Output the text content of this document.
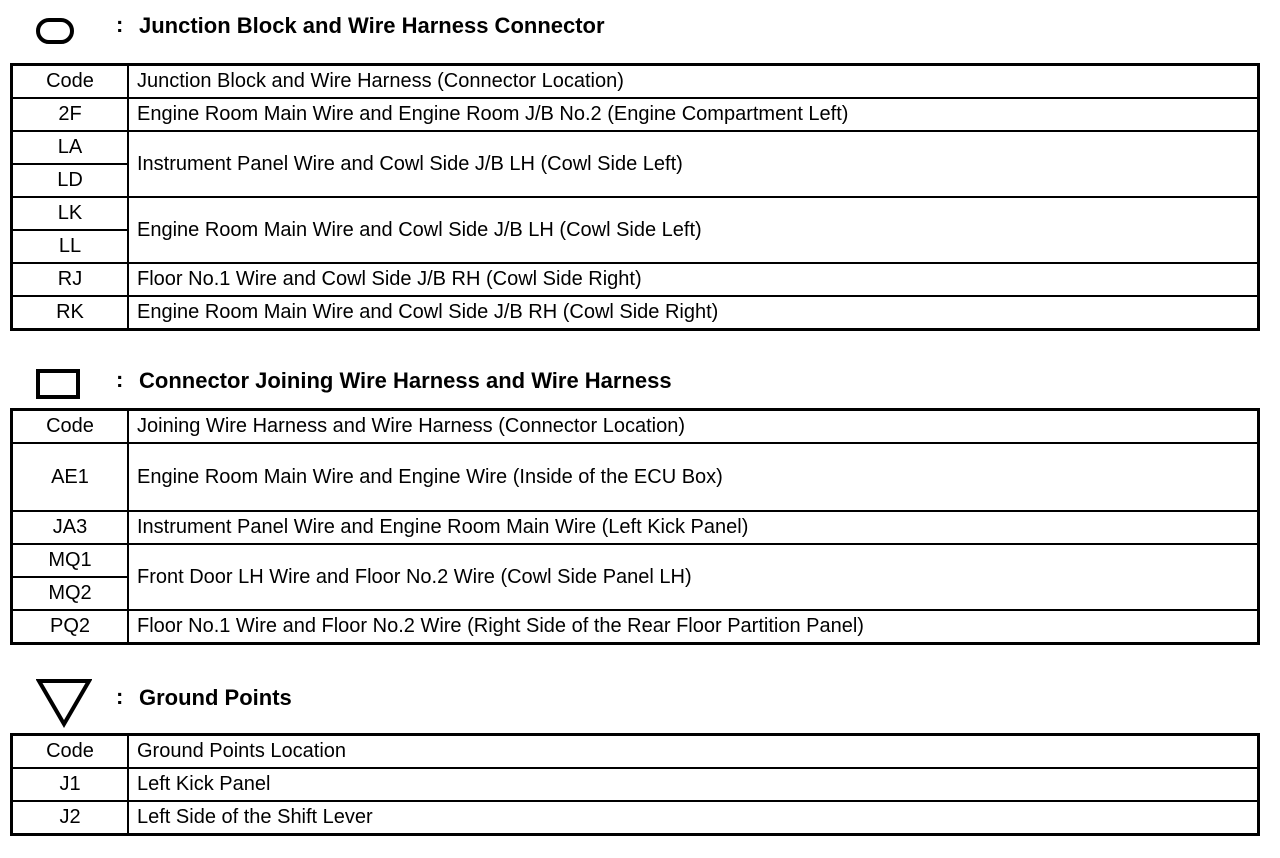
: Junction Block and Wire Harness Connector
Code	Junction Block and Wire Harness (Connector Location)
2F	Engine Room Main Wire and Engine Room J/B No.2 (Engine Compartment Left)
LA	Instrument Panel Wire and Cowl Side J/B LH (Cowl Side Left)
LD	
LK	Engine Room Main Wire and Cowl Side J/B LH (Cowl Side Left)
LL	
RJ	Floor No.1 Wire and Cowl Side J/B RH (Cowl Side Right)
RK	Engine Room Main Wire and Cowl Side J/B RH (Cowl Side Right)
: Connector Joining Wire Harness and Wire Harness
Code	Joining Wire Harness and Wire Harness (Connector Location)
AE1	Engine Room Main Wire and Engine Wire (Inside of the ECU Box)
JA3	Instrument Panel Wire and Engine Room Main Wire (Left Kick Panel)
MQ1	Front Door LH Wire and Floor No.2 Wire (Cowl Side Panel LH)
MQ2	
PQ2	Floor No.1 Wire and Floor No.2 Wire (Right Side of the Rear Floor Partition Panel)
: Ground Points
Code	Ground Points Location
J1	Left Kick Panel
J2	Left Side of the Shift Lever
